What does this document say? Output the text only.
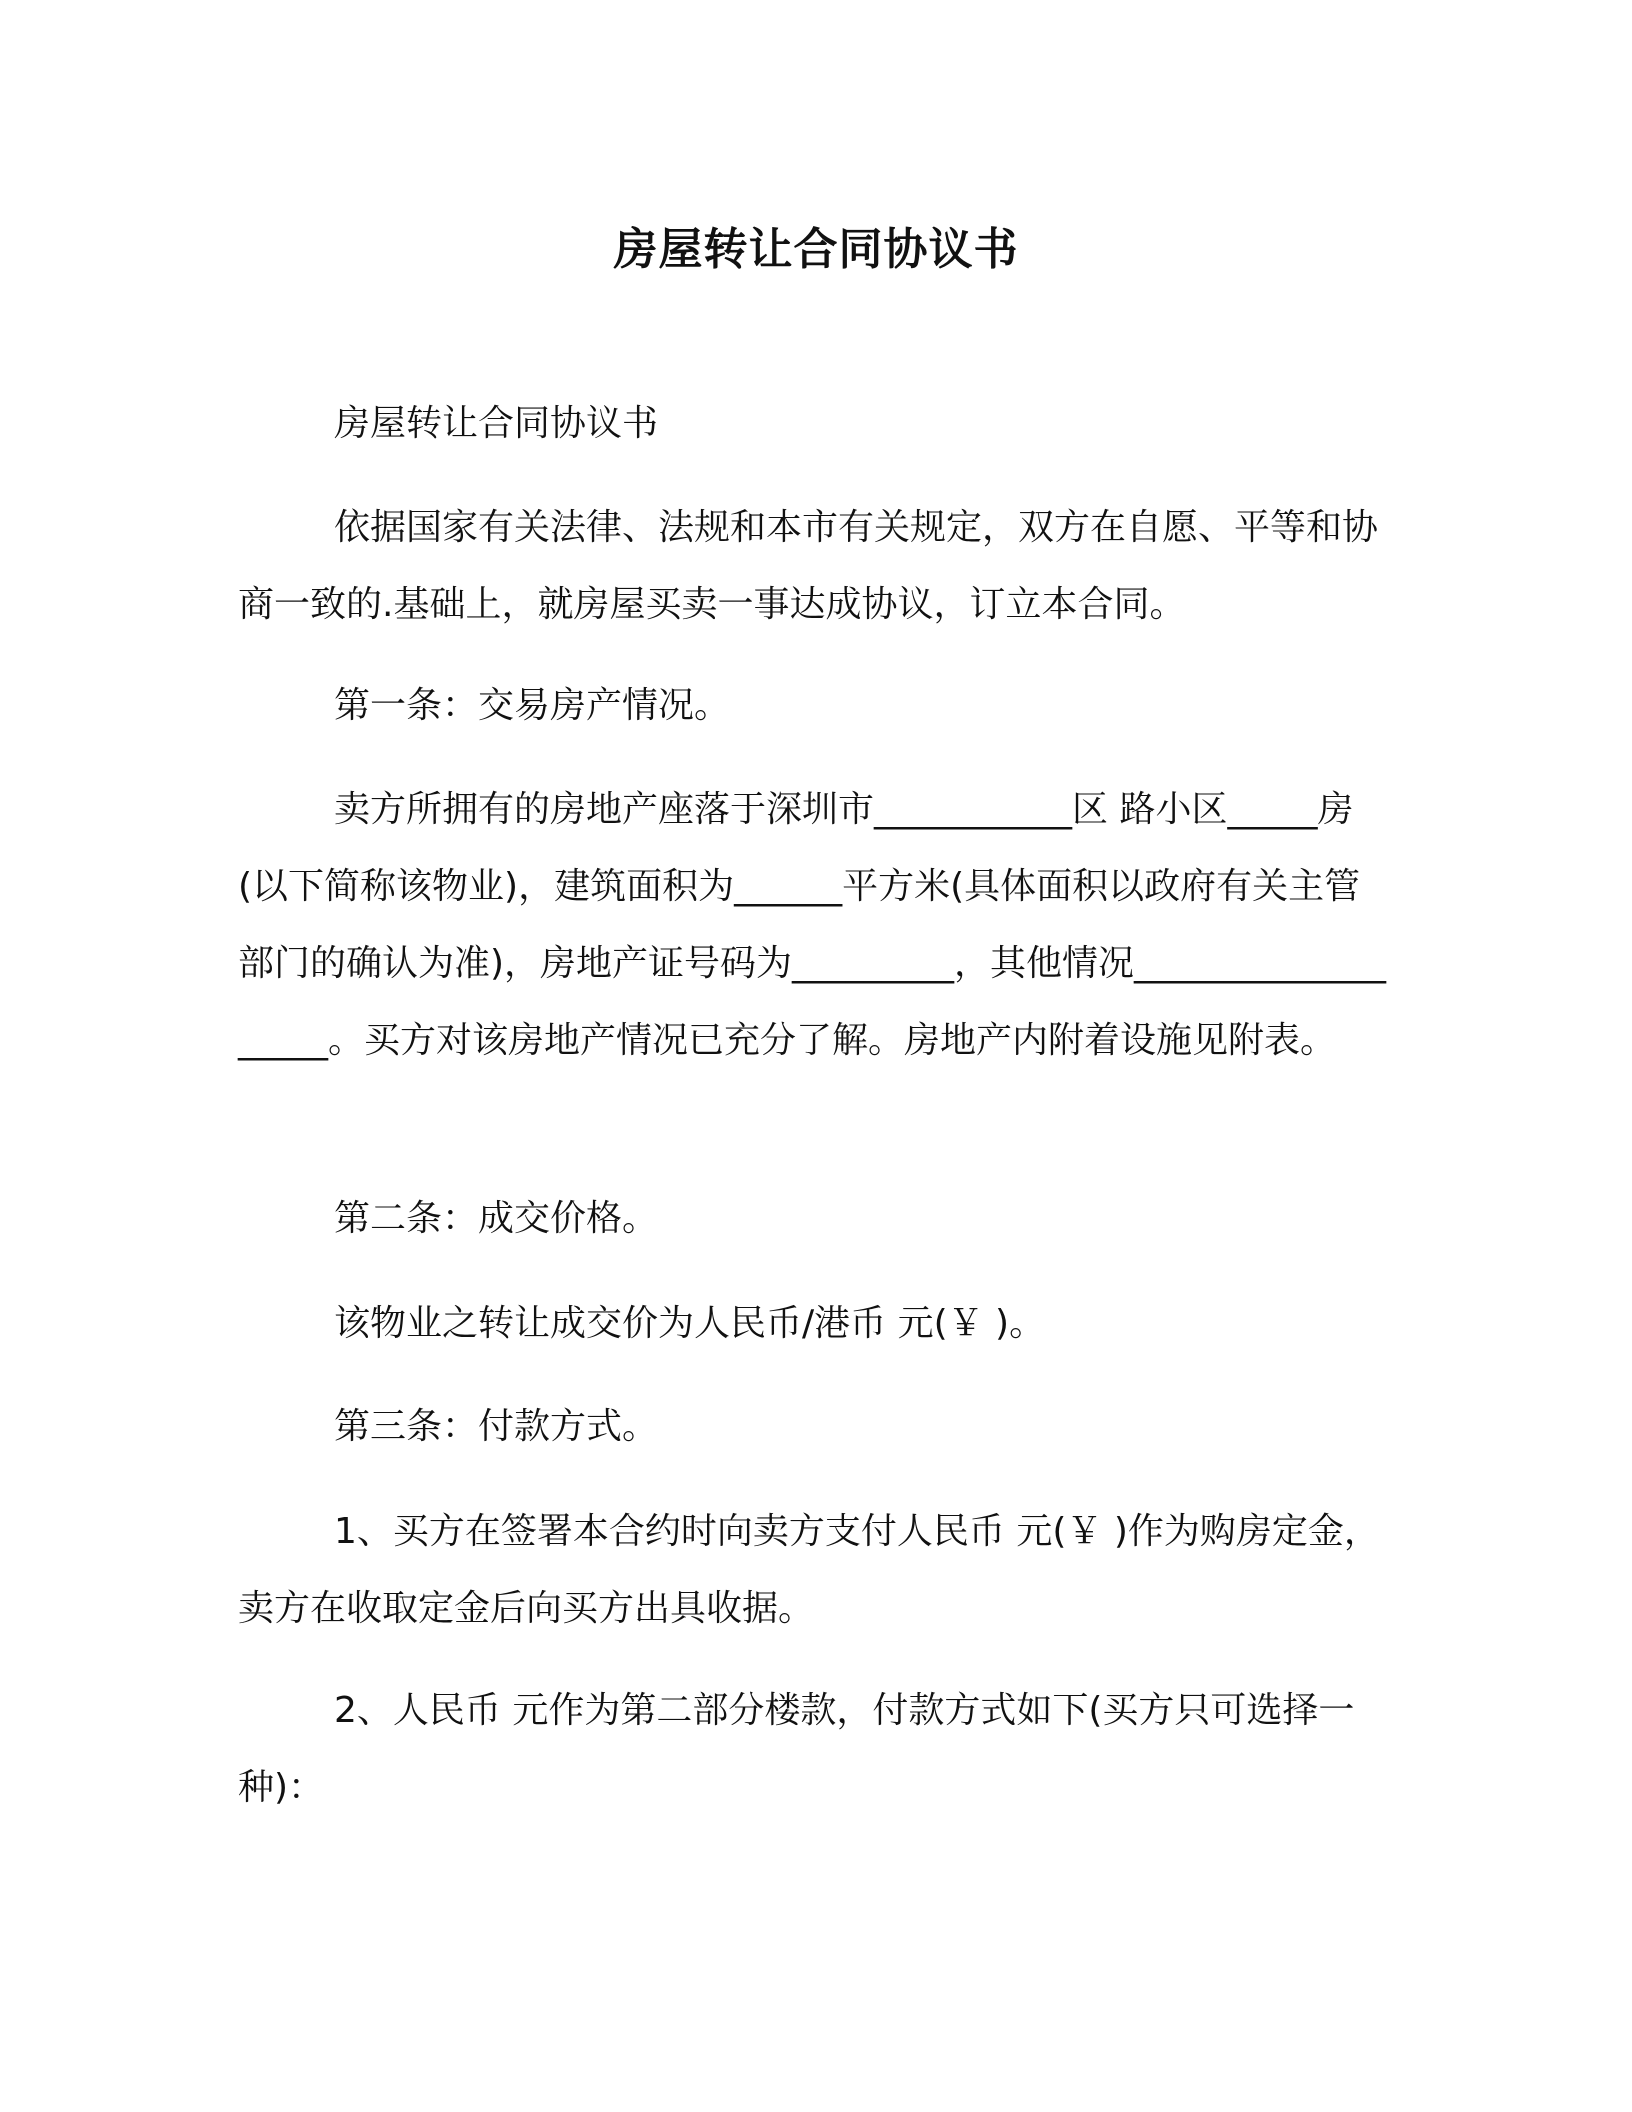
房屋转让合同协议书

房屋转让合同协议书

依据国家有关法律、法规和本市有关规定，双方在自愿、平等和协商一致的.基础上，就房屋买卖一事达成协议，订立本合同。

第一条：交易房产情况。

卖方所拥有的房地产座落于深圳市___________区 路小区_____房(以下简称该物业)，建筑面积为______平方米(具体面积以政府有关主管部门的确认为准)，房地产证号码为_________，其他情况___________________。买方对该房地产情况已充分了解。房地产内附着设施见附表。

第二条：成交价格。

该物业之转让成交价为人民币/港币 元(￥ )。

第三条：付款方式。

1、买方在签署本合约时向卖方支付人民币 元(￥ )作为购房定金，卖方在收取定金后向买方出具收据。

2、人民币 元作为第二部分楼款，付款方式如下(买方只可选择一种)：
